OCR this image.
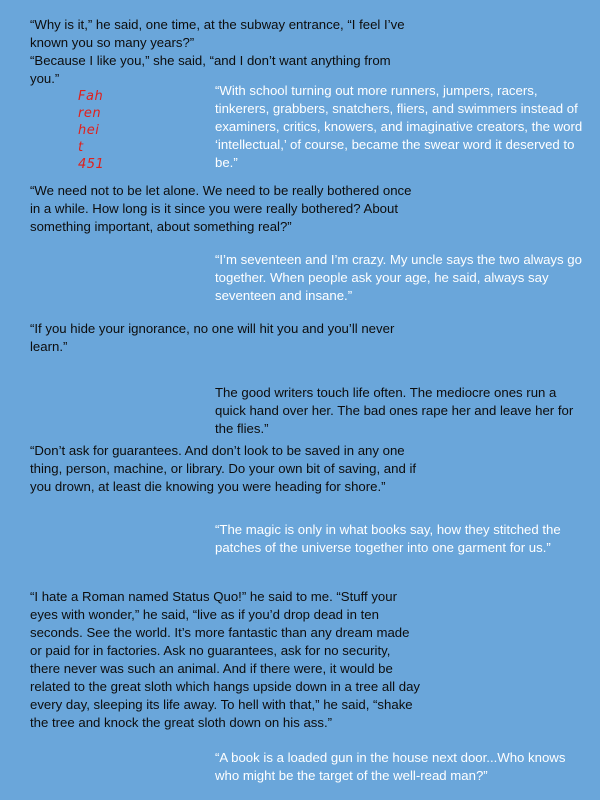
“Why is it,” he said, one time, at the subway entrance, “I feel I’ve known you so many years?”

“Because I like you,” she said, “and I don’t want anything from you.”

Fah
ren
hei
t
451

“With school turning out more runners, jumpers, racers, tinkerers, grabbers, snatchers, fliers, and swimmers instead of examiners, critics, knowers, and imaginative creators, the word ‘intellectual,’ of course, became the swear word it deserved to be.”

“We need not to be let alone. We need to be really bothered once in a while. How long is it since you were really bothered? About something important, about something real?”

“I’m seventeen and I’m crazy. My uncle says the two always go together. When people ask your age, he said, always say seventeen and insane.”

“If you hide your ignorance, no one will hit you and you’ll never learn.”

The good writers touch life often. The mediocre ones run a quick hand over her. The bad ones rape her and leave her for the flies.”

“Don’t ask for guarantees. And don’t look to be saved in any one thing, person, machine, or library. Do your own bit of saving, and if you drown, at least die knowing you were heading for shore.”

“The magic is only in what books say, how they stitched the patches of the universe together into one garment for us.”

“I hate a Roman named Status Quo!” he said to me. “Stuff your eyes with wonder,” he said, “live as if you’d drop dead in ten seconds. See the world. It’s more fantastic than any dream made or paid for in factories. Ask no guarantees, ask for no security, there never was such an animal. And if there were, it would be related to the great sloth which hangs upside down in a tree all day every day, sleeping its life away. To hell with that,” he said, “shake the tree and knock the great sloth down on his ass.”

“A book is a loaded gun in the house next door...Who knows who might be the target of the well-read man?”
